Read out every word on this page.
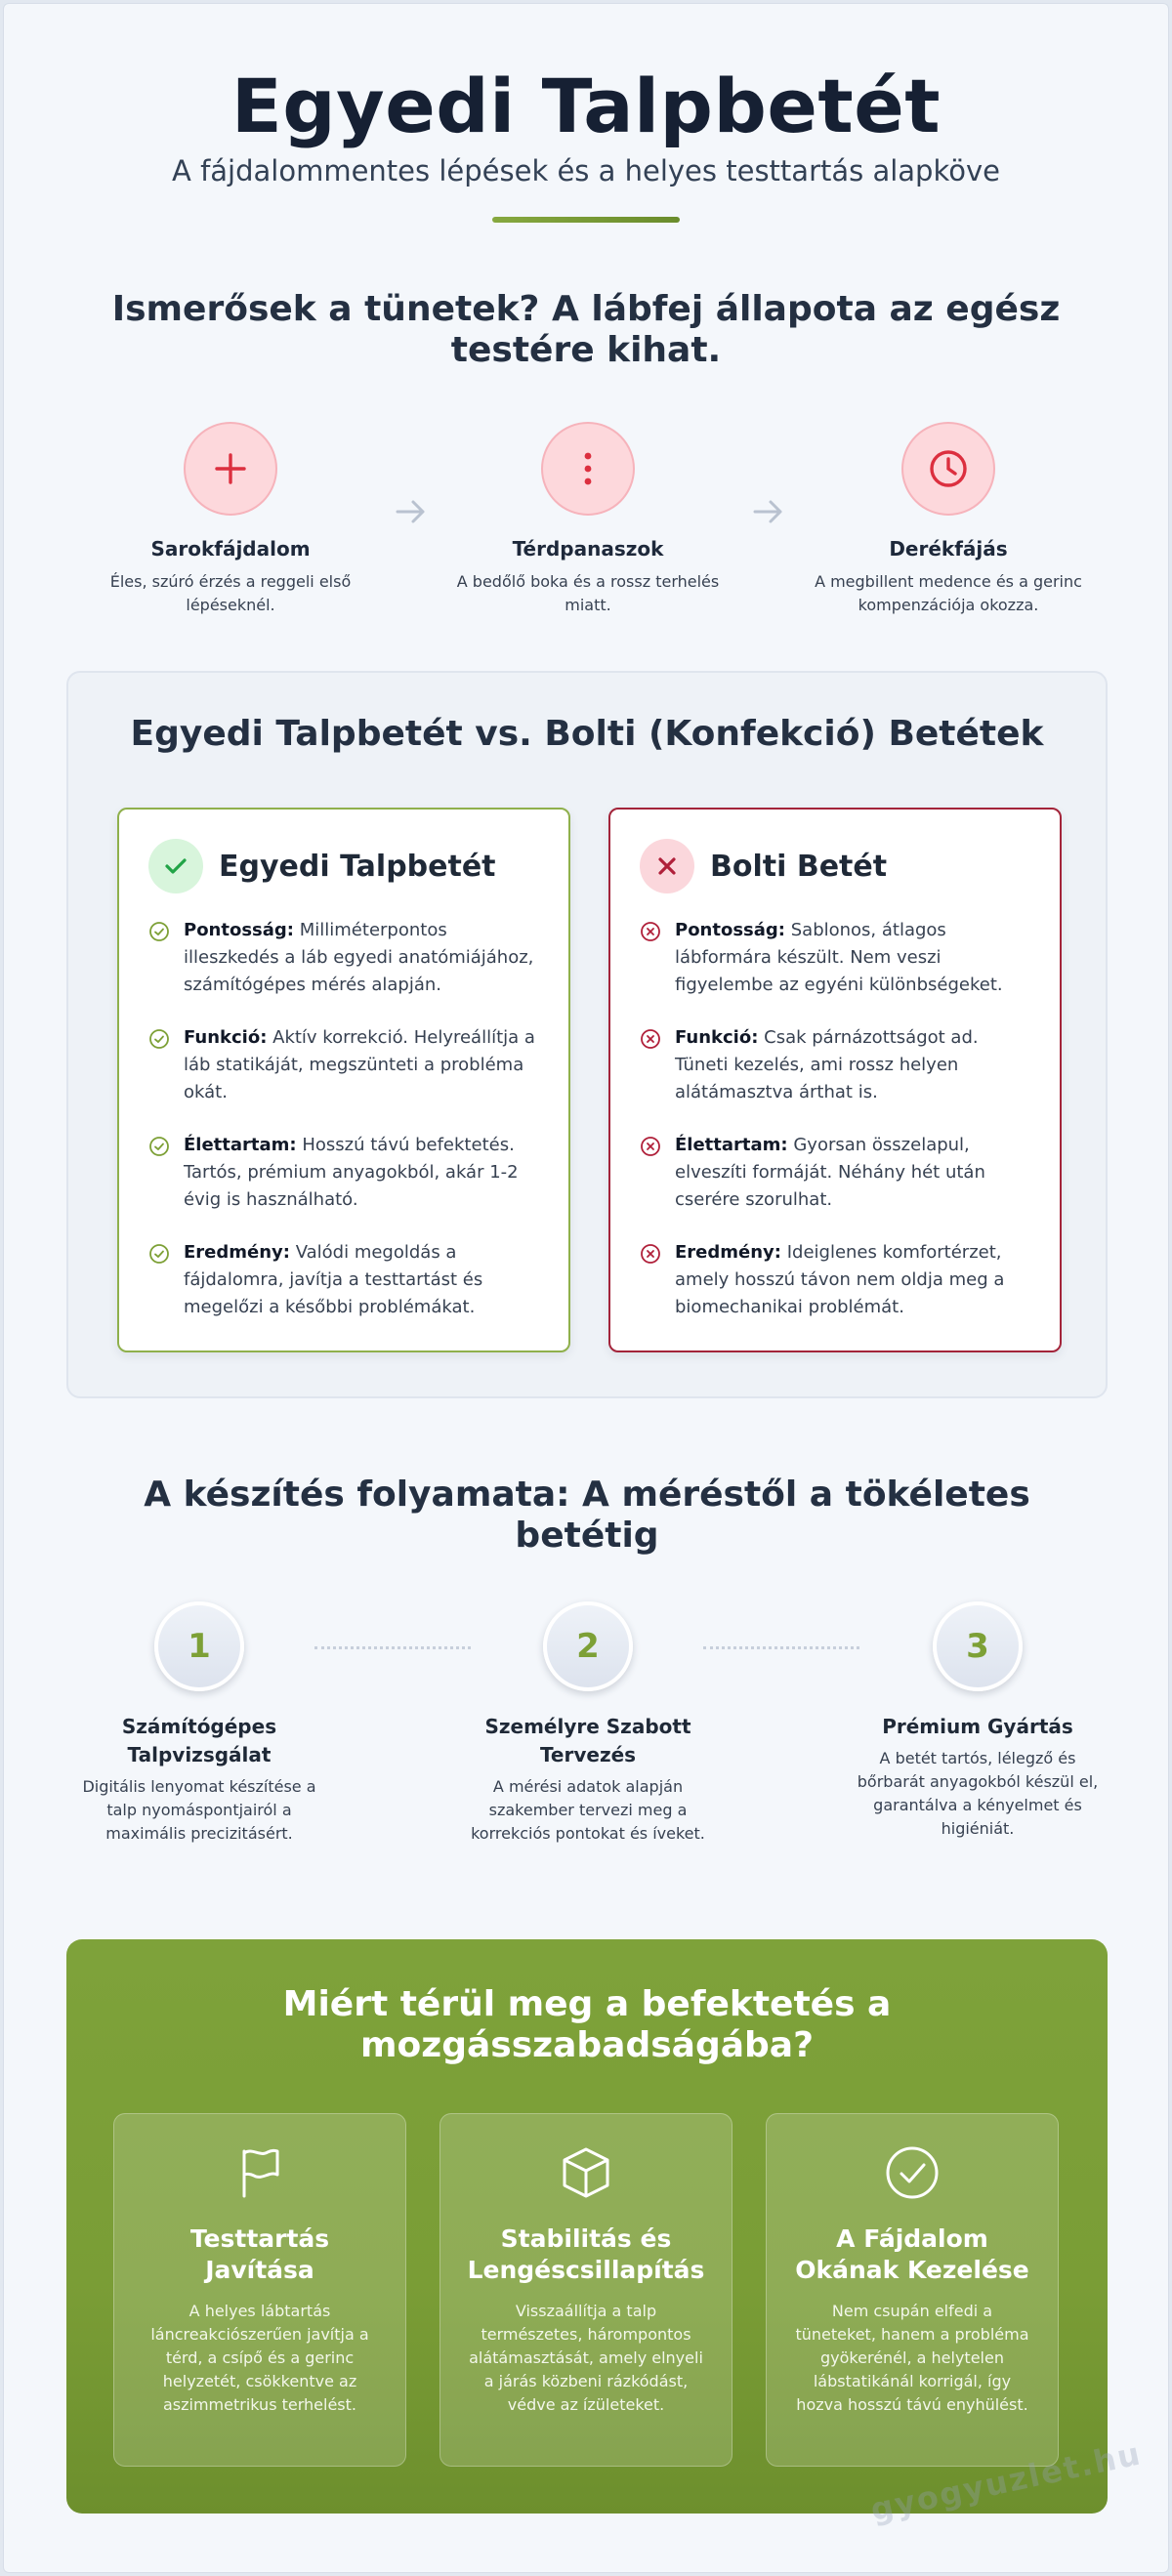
Egyedi Talpbetét

A fájdalommentes lépések és a helyes testtartás alapköve

Ismerősek a tünetek? A lábfej állapota az egész testére kihat.
Sarokfájdalom
Éles, szúró érzés a reggeli első lépéseknél.
Térdpanaszok
A bedőlő boka és a rossz terhelés miatt.
Derékfájás
A megbillent medence és a gerinc kompenzációja okozza.
Egyedi Talpbetét vs. Bolti (Konfekció) Betétek
Egyedi Talpbetét

Pontosság: Milliméterpontos illeszkedés a láb egyedi anatómiájához, számítógépes mérés alapján.

Funkció: Aktív korrekció. Helyreállítja a láb statikáját, megszünteti a probléma okát.

Élettartam: Hosszú távú befektetés. Tartós, prémium anyagokból, akár 1-2 évig is használható.

Eredmény: Valódi megoldás a fájdalomra, javítja a testtartást és megelőzi a későbbi problémákat.

Bolti Betét

Pontosság: Sablonos, átlagos lábformára készült. Nem veszi figyelembe az egyéni különbségeket.

Funkció: Csak párnázottságot ad. Tüneti kezelés, ami rossz helyen alátámasztva árthat is.

Élettartam: Gyorsan összelapul, elveszíti formáját. Néhány hét után cserére szorulhat.

Eredmény: Ideiglenes komfortérzet, amely hosszú távon nem oldja meg a biomechanikai problémát.

A készítés folyamata: A méréstől a tökéletes betétig
1
Számítógépes Talpvizsgálat
Digitális lenyomat készítése a talp nyomáspontjairól a maximális precizitásért.
2
Személyre Szabott Tervezés
A mérési adatok alapján szakember tervezi meg a korrekciós pontokat és íveket.
3
Prémium Gyártás
A betét tartós, lélegző és bőrbarát anyagokból készül el, garantálva a kényelmet és higiéniát.
Miért térül meg a befektetés a mozgásszabadságába?
Testtartás Javítása
A helyes lábtartás láncreakciószerűen javítja a térd, a csípő és a gerinc helyzetét, csökkentve az aszimmetrikus terhelést.
Stabilitás és Lengéscsillapítás
Visszaállítja a talp természetes, hárompontos alátámasztását, amely elnyeli a járás közbeni rázkódást, védve az ízületeket.
A Fájdalom Okának Kezelése
Nem csupán elfedi a tüneteket, hanem a probléma gyökerénél, a helytelen lábstatikánál korrigál, így hozva hosszú távú enyhülést.
gyogyuzlet.hu
